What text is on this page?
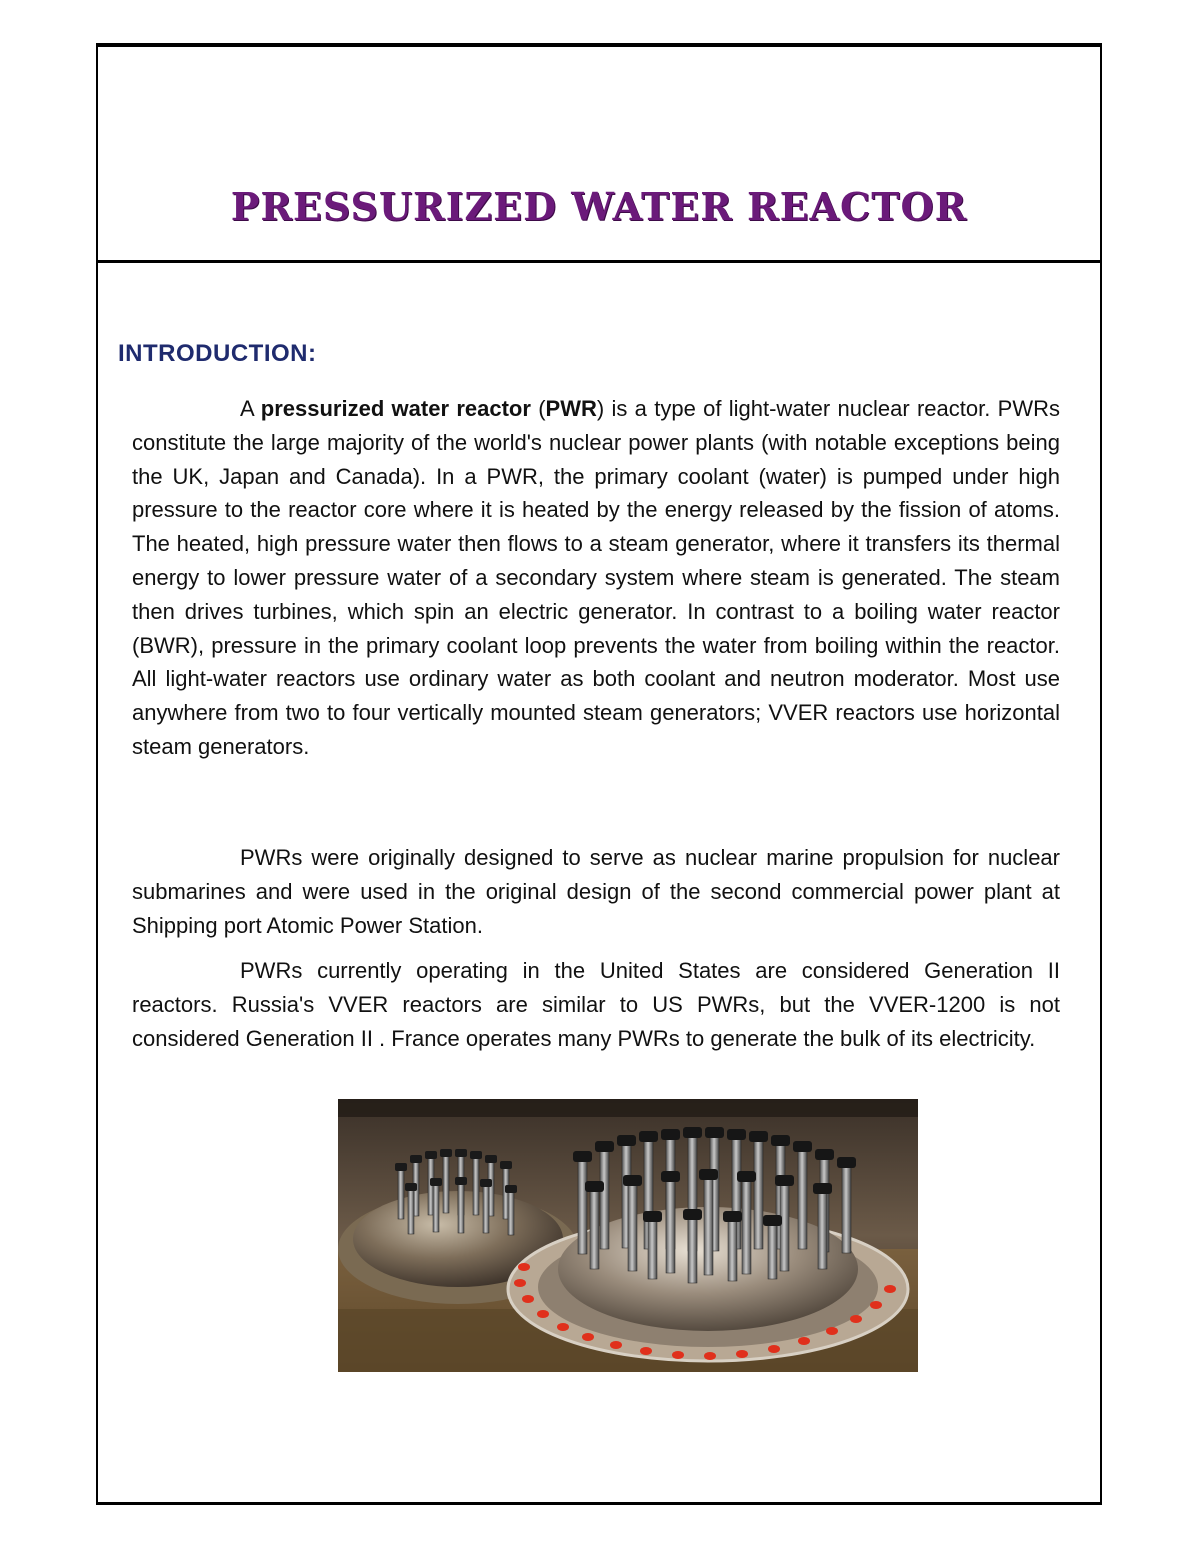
PRESSURIZED WATER REACTOR
INTRODUCTION:
A pressurized water reactor (PWR) is a type of light-water nuclear reactor. PWRs constitute the large majority of the world's nuclear power plants (with notable exceptions being the UK, Japan and Canada). In a PWR, the primary coolant (water) is pumped under high pressure to the reactor core where it is heated by the energy released by the fission of atoms. The heated, high pressure water then flows to a steam generator, where it transfers its thermal energy to lower pressure water of a secondary system where steam is generated. The steam then drives turbines, which spin an electric generator. In contrast to a boiling water reactor (BWR), pressure in the primary coolant loop prevents the water from boiling within the reactor. All light-water reactors use ordinary water as both coolant and neutron moderator. Most use anywhere from two to four vertically mounted steam generators; VVER reactors use horizontal steam generators.
PWRs were originally designed to serve as nuclear marine propulsion for nuclear submarines and were used in the original design of the second commercial power plant at Shipping port Atomic Power Station.
PWRs currently operating in the United States are considered Generation II reactors. Russia's VVER reactors are similar to US PWRs, but the VVER-1200 is not considered Generation II . France operates many PWRs to generate the bulk of its electricity.
